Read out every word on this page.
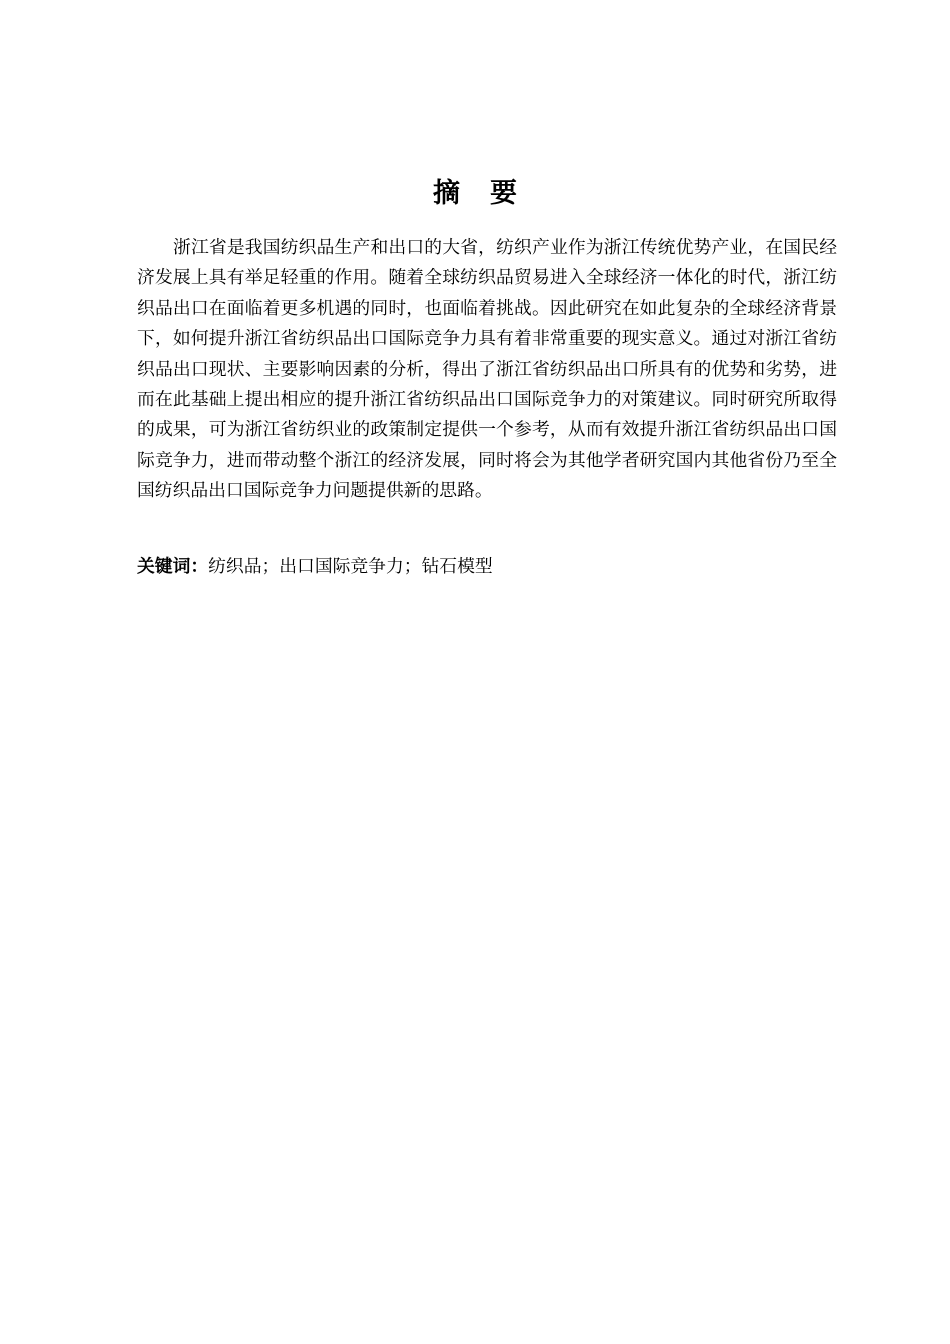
摘要

浙江省是我国纺织品生产和出口的大省，纺织产业作为浙江传统优势产业，在国民经济发展上具有举足轻重的作用。随着全球纺织品贸易进入全球经济一体化的时代，浙江纺织品出口在面临着更多机遇的同时，也面临着挑战。因此研究在如此复杂的全球经济背景下，如何提升浙江省纺织品出口国际竞争力具有着非常重要的现实意义。通过对浙江省纺织品出口现状、主要影响因素的分析，得出了浙江省纺织品出口所具有的优势和劣势，进而在此基础上提出相应的提升浙江省纺织品出口国际竞争力的对策建议。同时研究所取得的成果，可为浙江省纺织业的政策制定提供一个参考，从而有效提升浙江省纺织品出口国际竞争力，进而带动整个浙江的经济发展，同时将会为其他学者研究国内其他省份乃至全国纺织品出口国际竞争力问题提供新的思路。

关键词：纺织品；出口国际竞争力；钻石模型
